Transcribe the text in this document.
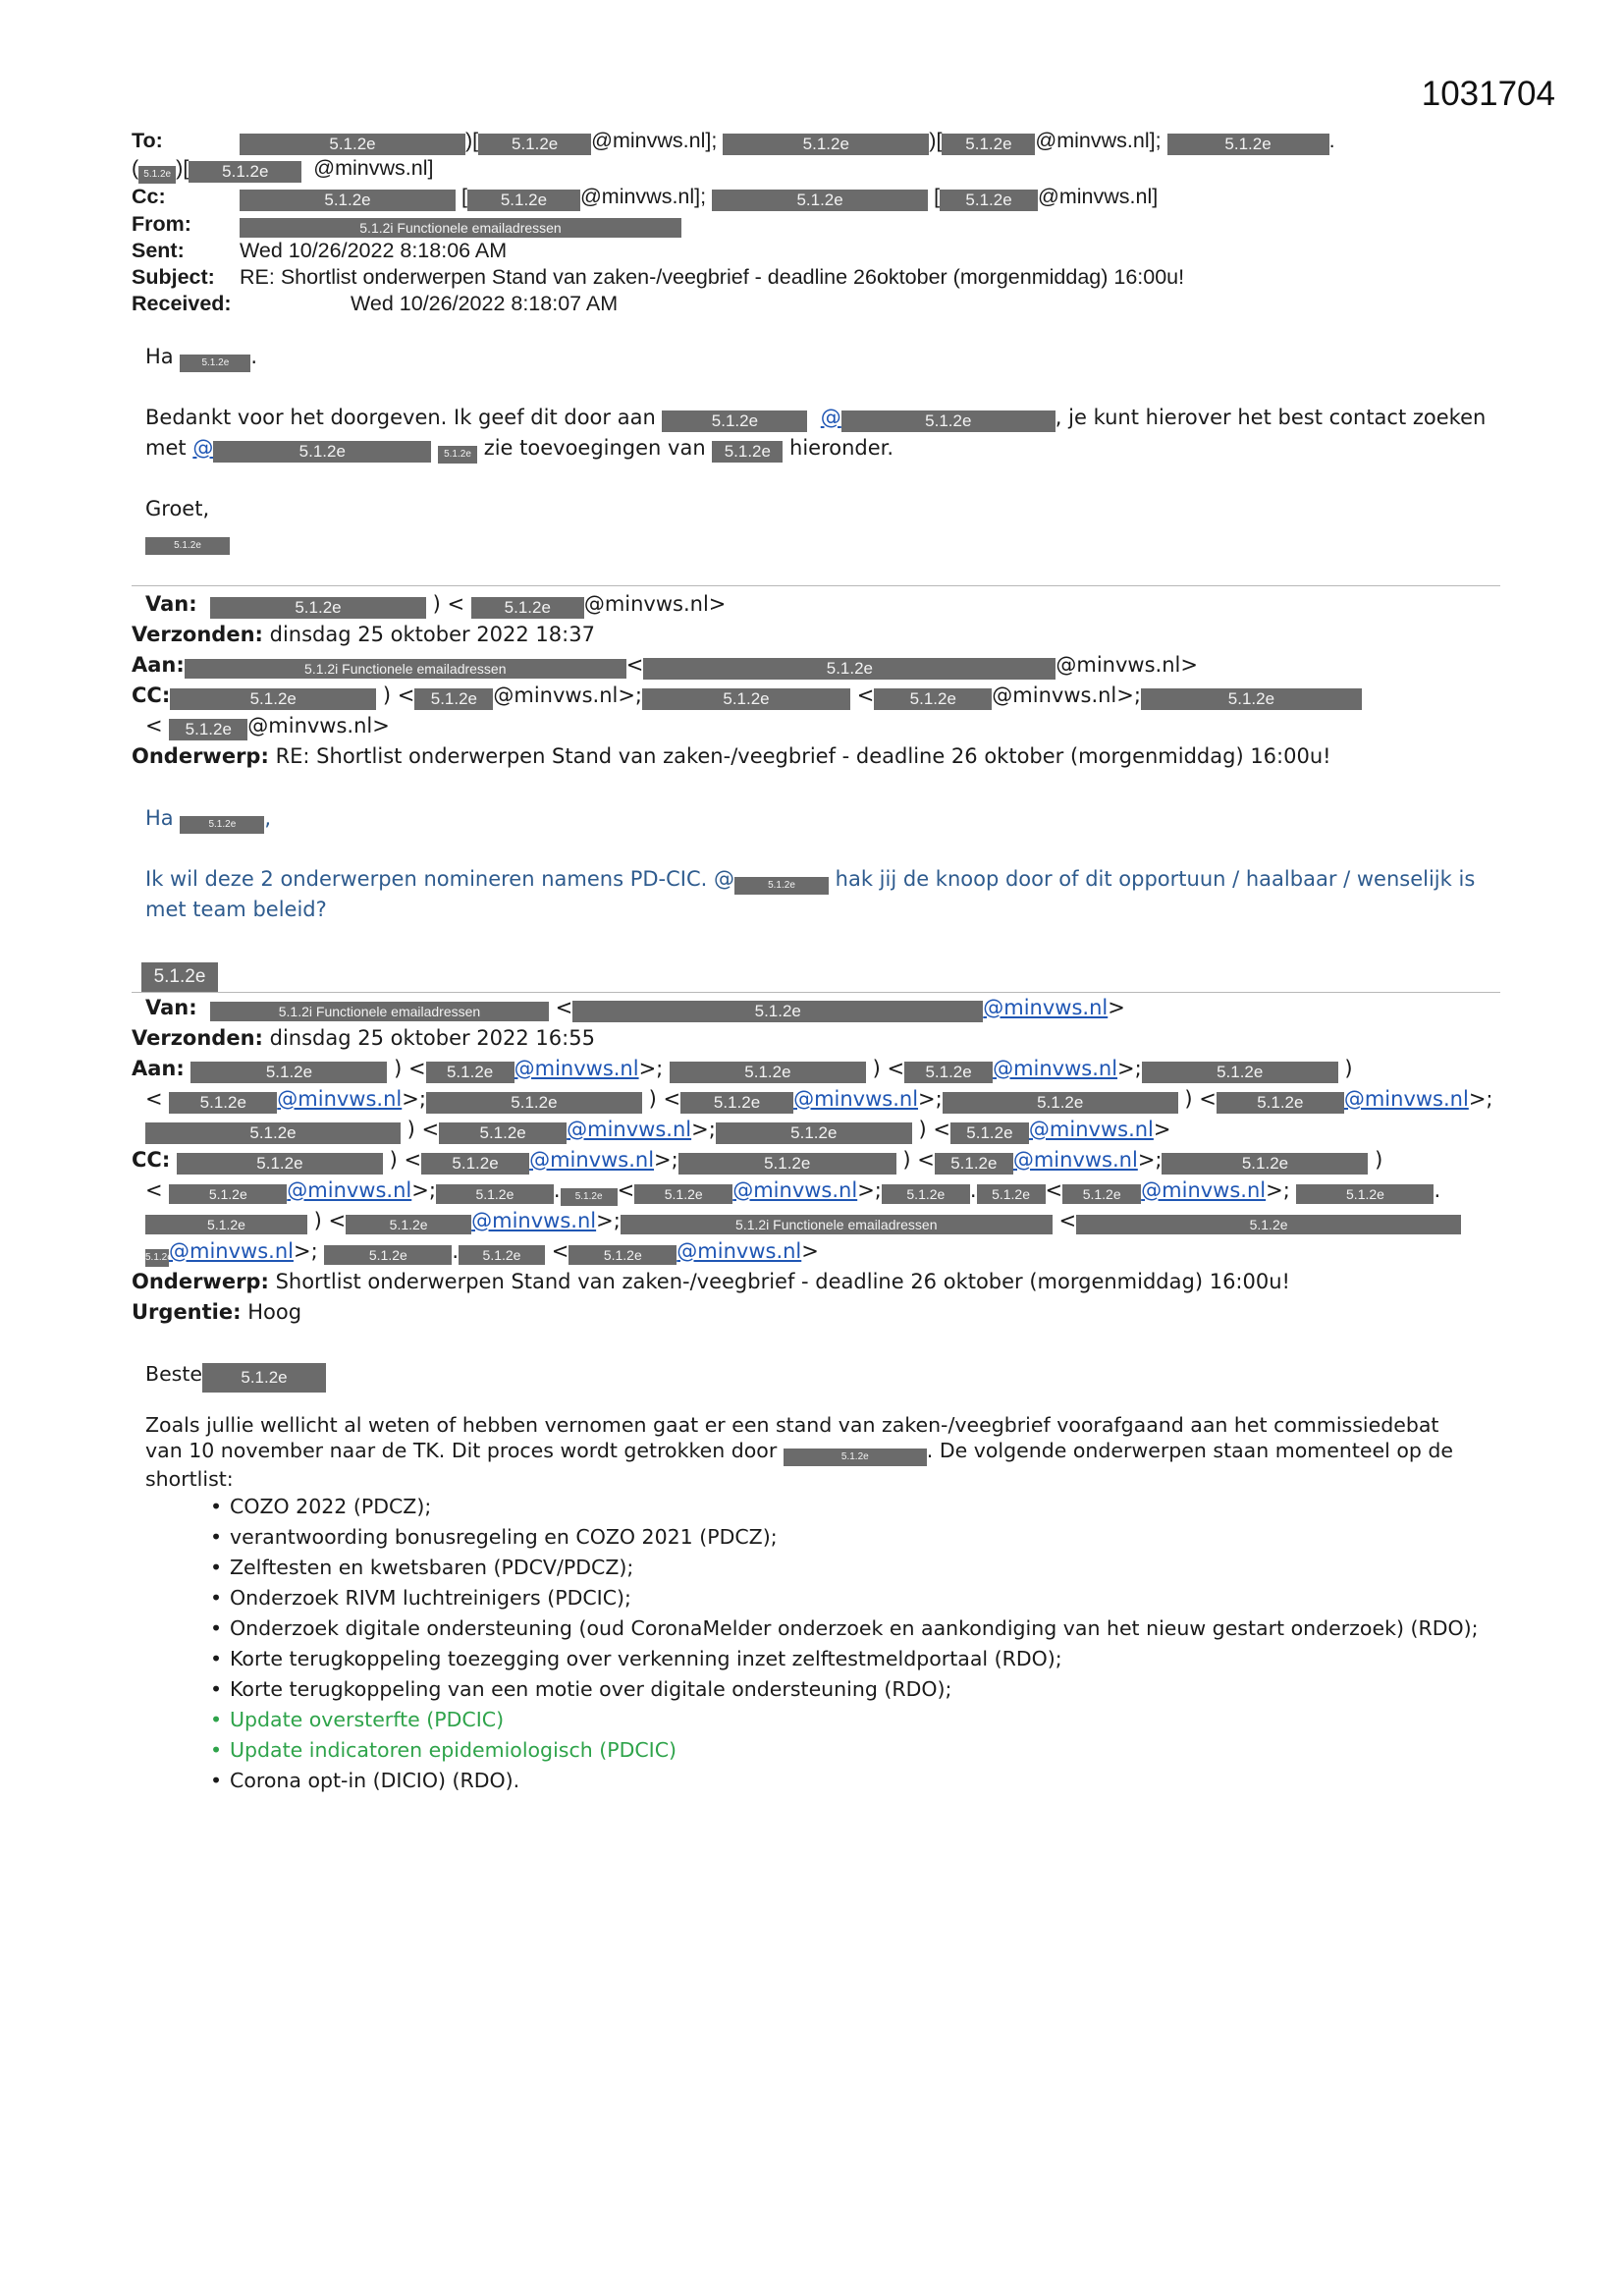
1031704
To:	5.1.2e	)[ 5.1.2e @minvws.nl];	5.1.2e	)[ 5.1.2e @minvws.nl];	5.1.2e	.
( 5.1.2e )[ 5.1.2e @minvws.nl]
Cc:	5.1.2e	[ 5.1.2e @minvws.nl];	5.1.2e	[ 5.1.2e @minvws.nl]
From:	5.1.2i Functionele emailadressen
Sent:	Wed 10/26/2022 8:18:06 AM
Subject: RE: Shortlist onderwerpen Stand van zaken-/veegbrief - deadline 26oktober (morgenmiddag) 16:00u!
Received:	Wed 10/26/2022 8:18:07 AM
Ha	5.1.2e .
Bedankt voor het doorgeven. Ik geef dit door aan	5.1.2e	@	5.1.2e	, je kunt hierover het best contact zoeken
met @	5.1.2e	5.1.2e zie toevoegingen van 5.1.2e hieronder.
Groet,
5.1.2e
Van:	5.1.2e	) < 5.1.2e @minvws.nl>
Verzonden: dinsdag 25 oktober 2022 18:37
Aan:	5.1.2i Functionele emailadressen	<	5.1.2e	@minvws.nl>
CC:	5.1.2e	) < 5.1.2e @minvws.nl>;	5.1.2e	< 5.1.2e @minvws.nl>;	5.1.2e
< 5.1.2e @minvws.nl>
Onderwerp: RE: Shortlist onderwerpen Stand van zaken-/veegbrief - deadline 26 oktober (morgenmiddag) 16:00u!
Ha	5.1.2e ,
Ik wil deze 2 onderwerpen nomineren namens PD-CIC. @	5.1.2e hak jij de knoop door of dit opportuun / haalbaar / wenselijk is
met team beleid?
5.1.2e
Van:	5.1.2i Functionele emailadressen	<	5.1.2e	@minvws.nl>
Verzonden: dinsdag 25 oktober 2022 16:55
Aan:	5.1.2e	) < 5.1.2e @minvws.nl>;	5.1.2e	) < 5.1.2e @minvws.nl>;	5.1.2e	)
< 5.1.2e @minvws.nl>;	5.1.2e	) < 5.1.2e @minvws.nl>;	5.1.2e	) < 5.1.2e @minvws.nl>;
5.1.2e	) < 5.1.2e @minvws.nl>;	5.1.2e	) < 5.1.2e @minvws.nl>
CC:	5.1.2e	) < 5.1.2e @minvws.nl>;	5.1.2e	) < 5.1.2e @minvws.nl>;	5.1.2e	)
<	5.1.2e @minvws.nl>;	5.1.2e . 5.1.2e < 5.1.2e @minvws.nl>; 5.1.2e . 5.1.2e < 5.1.2e @minvws.nl>;	5.1.2e .
5.1.2e	) <	5.1.2e @minvws.nl>;	5.1.2i Functionele emailadressen	<	5.1.2e
5.1.2e@minvws.nl>;	5.1.2e . 5.1.2e <	5.1.2e @minvws.nl>
Onderwerp: Shortlist onderwerpen Stand van zaken-/veegbrief - deadline 26 oktober (morgenmiddag) 16:00u!
Urgentie: Hoog
Beste 5.1.2e
Zoals jullie wellicht al weten of hebben vernomen gaat er een stand van zaken-/veegbrief voorafgaand aan het commissiedebat
van 10 november naar de TK. Dit proces wordt getrokken door	5.1.2e	. De volgende onderwerpen staan momenteel op de
shortlist:
• COZO 2022 (PDCZ);
• verantwoording bonusregeling en COZO 2021 (PDCZ);
• Zelftesten en kwetsbaren (PDCV/PDCZ);
• Onderzoek RIVM luchtreinigers (PDCIC);
• Onderzoek digitale ondersteuning (oud CoronaMelder onderzoek en aankondiging van het nieuw gestart onderzoek) (RDO);
• Korte terugkoppeling toezegging over verkenning inzet zelftestmeldportaal (RDO);
• Korte terugkoppeling van een motie over digitale ondersteuning (RDO);
• Update oversterfte (PDCIC)
• Update indicatoren epidemiologisch (PDCIC)
• Corona opt-in (DICIO) (RDO).
